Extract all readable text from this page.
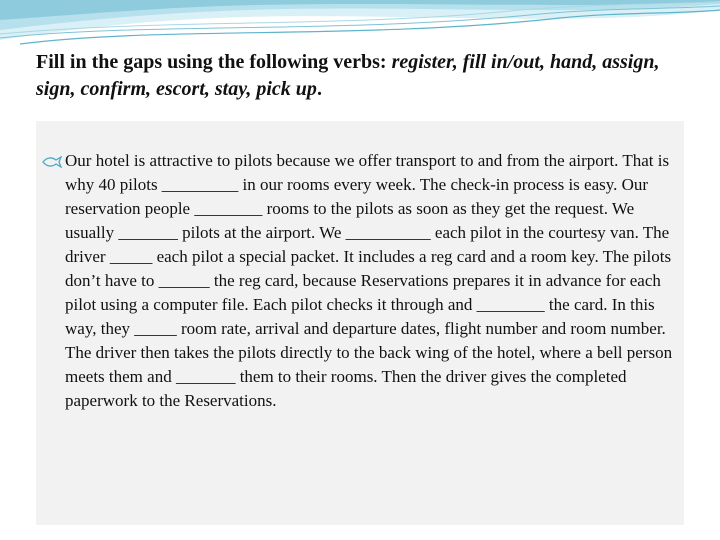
Fill in the gaps using the following verbs: register, fill in/out, hand, assign, sign, confirm, escort, stay, pick up.
Our hotel is attractive to pilots because we offer transport to and from the airport. That is why 40 pilots _________ in our rooms every week. The check-in process is easy. Our reservation people ________ rooms to the pilots as soon as they get the request. We usually _______ pilots at the airport. We __________ each pilot in the courtesy van. The driver _____ each pilot a special packet. It includes a reg card and a room key. The pilots don’t have to ______ the reg card, because Reservations prepares it in advance for each pilot using a computer file. Each pilot checks it through and ________ the card. In this way, they _____ room rate, arrival and departure dates, flight number and room number. The driver then takes the pilots directly to the back wing of the hotel, where a bell person meets them and _______ them to their rooms. Then the driver gives the completed paperwork to the Reservations.
